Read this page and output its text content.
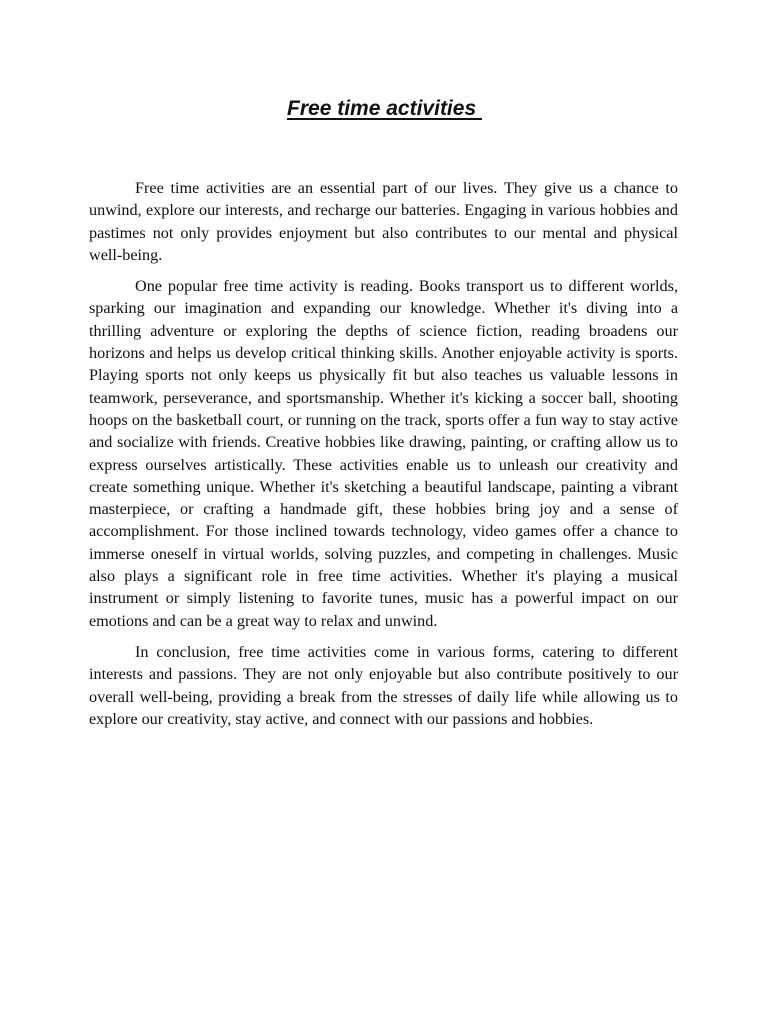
Free time activities

Free time activities are an essential part of our lives. They give us a chance to unwind, explore our interests, and recharge our batteries. Engaging in various hobbies and pastimes not only provides enjoyment but also contributes to our mental and physical well-being.

One popular free time activity is reading. Books transport us to different worlds, sparking our imagination and expanding our knowledge. Whether it's diving into a thrilling adventure or exploring the depths of science fiction, reading broadens our horizons and helps us develop critical thinking skills. Another enjoyable activity is sports. Playing sports not only keeps us physically fit but also teaches us valuable lessons in teamwork, perseverance, and sportsmanship. Whether it's kicking a soccer ball, shooting hoops on the basketball court, or running on the track, sports offer a fun way to stay active and socialize with friends. Creative hobbies like drawing, painting, or crafting allow us to express ourselves artistically. These activities enable us to unleash our creativity and create something unique. Whether it's sketching a beautiful landscape, painting a vibrant masterpiece, or crafting a handmade gift, these hobbies bring joy and a sense of accomplishment. For those inclined towards technology, video games offer a chance to immerse oneself in virtual worlds, solving puzzles, and competing in challenges. Music also plays a significant role in free time activities. Whether it's playing a musical instrument or simply listening to favorite tunes, music has a powerful impact on our emotions and can be a great way to relax and unwind.

In conclusion, free time activities come in various forms, catering to different interests and passions. They are not only enjoyable but also contribute positively to our overall well-being, providing a break from the stresses of daily life while allowing us to explore our creativity, stay active, and connect with our passions and hobbies.
